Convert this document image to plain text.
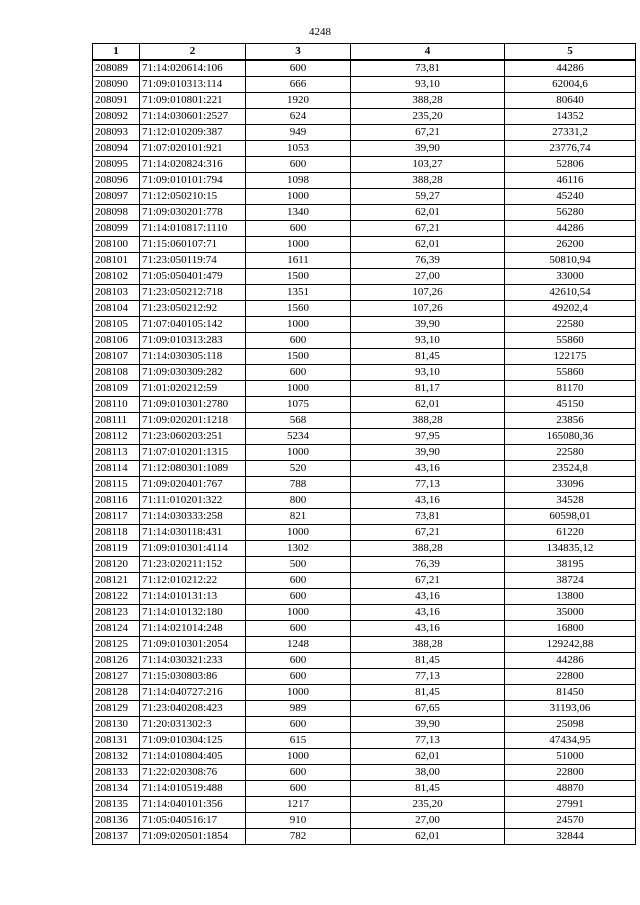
4248
1	2	3	4	5
208089	71:14:020614:106	600	73,81	44286
208090	71:09:010313:114	666	93,10	62004,6
208091	71:09:010801:221	1920	388,28	80640
208092	71:14:030601:2527	624	235,20	14352
208093	71:12:010209:387	949	67,21	27331,2
208094	71:07:020101:921	1053	39,90	23776,74
208095	71:14:020824:316	600	103,27	52806
208096	71:09:010101:794	1098	388,28	46116
208097	71:12:050210:15	1000	59,27	45240
208098	71:09:030201:778	1340	62,01	56280
208099	71:14:010817:1110	600	67,21	44286
208100	71:15:060107:71	1000	62,01	26200
208101	71:23:050119:74	1611	76,39	50810,94
208102	71:05:050401:479	1500	27,00	33000
208103	71:23:050212:718	1351	107,26	42610,54
208104	71:23:050212:92	1560	107,26	49202,4
208105	71:07:040105:142	1000	39,90	22580
208106	71:09:010313:283	600	93,10	55860
208107	71:14:030305:118	1500	81,45	122175
208108	71:09:030309:282	600	93,10	55860
208109	71:01:020212:59	1000	81,17	81170
208110	71:09:010301:2780	1075	62,01	45150
208111	71:09:020201:1218	568	388,28	23856
208112	71:23:060203:251	5234	97,95	165080,36
208113	71:07:010201:1315	1000	39,90	22580
208114	71:12:080301:1089	520	43,16	23524,8
208115	71:09:020401:767	788	77,13	33096
208116	71:11:010201:322	800	43,16	34528
208117	71:14:030333:258	821	73,81	60598,01
208118	71:14:030118:431	1000	67,21	61220
208119	71:09:010301:4114	1302	388,28	134835,12
208120	71:23:020211:152	500	76,39	38195
208121	71:12:010212:22	600	67,21	38724
208122	71:14:010131:13	600	43,16	13800
208123	71:14:010132:180	1000	43,16	35000
208124	71:14:021014:248	600	43,16	16800
208125	71:09:010301:2054	1248	388,28	129242,88
208126	71:14:030321:233	600	81,45	44286
208127	71:15:030803:86	600	77,13	22800
208128	71:14:040727:216	1000	81,45	81450
208129	71:23:040208:423	989	67,65	31193,06
208130	71:20:031302:3	600	39,90	25098
208131	71:09:010304:125	615	77,13	47434,95
208132	71:14:010804:405	1000	62,01	51000
208133	71:22:020308:76	600	38,00	22800
208134	71:14:010519:488	600	81,45	48870
208135	71:14:040101:356	1217	235,20	27991
208136	71:05:040516:17	910	27,00	24570
208137	71:09:020501:1854	782	62,01	32844
